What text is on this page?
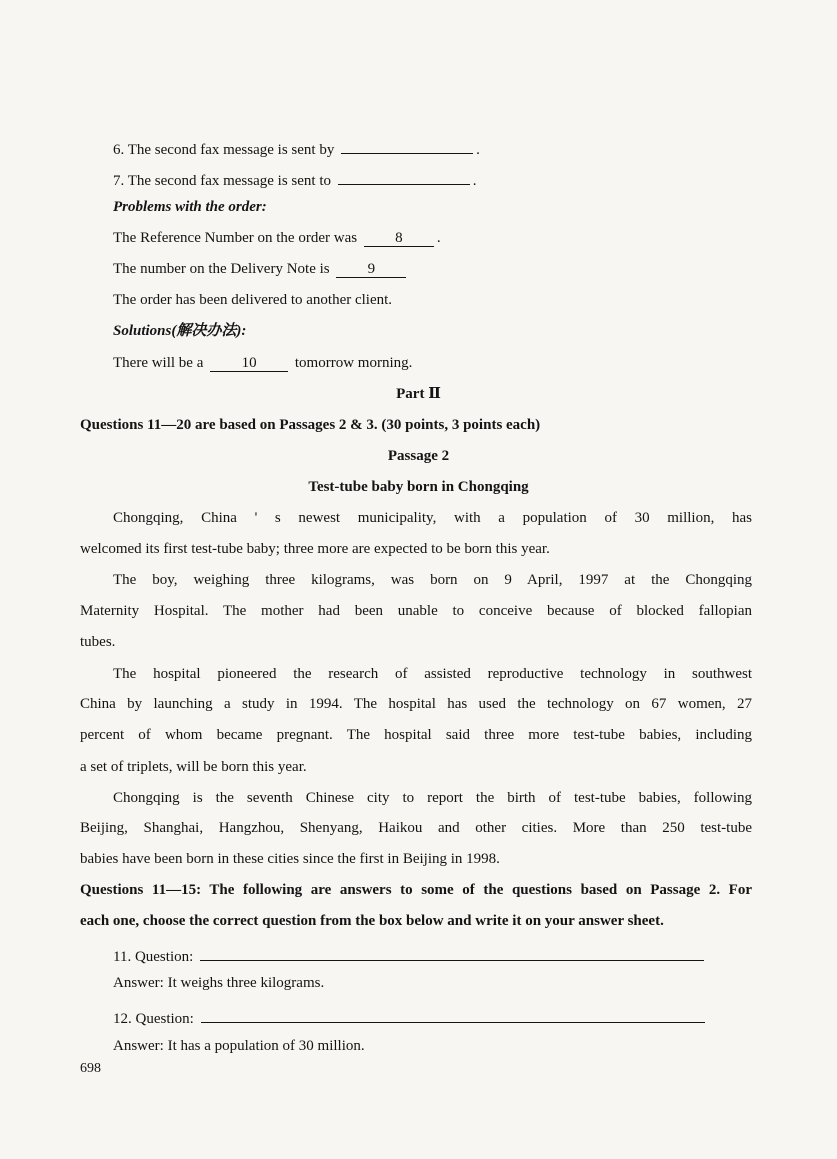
6. The second fax message is sent by	.
7. The second fax message is sent to	.
Problems with the order:
The Reference Number on the order was	8 .
The number on the Delivery Note is	9
The order has been delivered to another client.
Solutions(解决办法):
There will be a	10	tomorrow morning.
Part Ⅱ
Questions 11—20 are based on Passages 2 & 3. (30 points, 3 points each)
Passage 2
Test-tube baby born in Chongqing
Chongqing, China ' s newest municipality, with a population of 30 million, has
welcomed its first test-tube baby; three more are expected to be born this year.
The boy, weighing three kilograms, was born on 9 April, 1997 at the Chongqing
Maternity Hospital. The mother had been unable to conceive because of blocked fallopian
tubes.
The hospital pioneered the research of assisted reproductive technology in southwest
China by launching a study in 1994. The hospital has used the technology on 67 women, 27
percent of whom became pregnant. The hospital said three more test-tube babies, including
a set of triplets, will be born this year.
Chongqing is the seventh Chinese city to report the birth of test-tube babies, following
Beijing, Shanghai, Hangzhou, Shenyang, Haikou and other cities. More than 250 test-tube
babies have been born in these cities since the first in Beijing in 1998.
Questions 11—15: The following are answers to some of the questions based on Passage 2. For
each one, choose the correct question from the box below and write it on your answer sheet.
11. Question:
Answer: It weighs three kilograms.
12. Question:
Answer: It has a population of 30 million.
698
